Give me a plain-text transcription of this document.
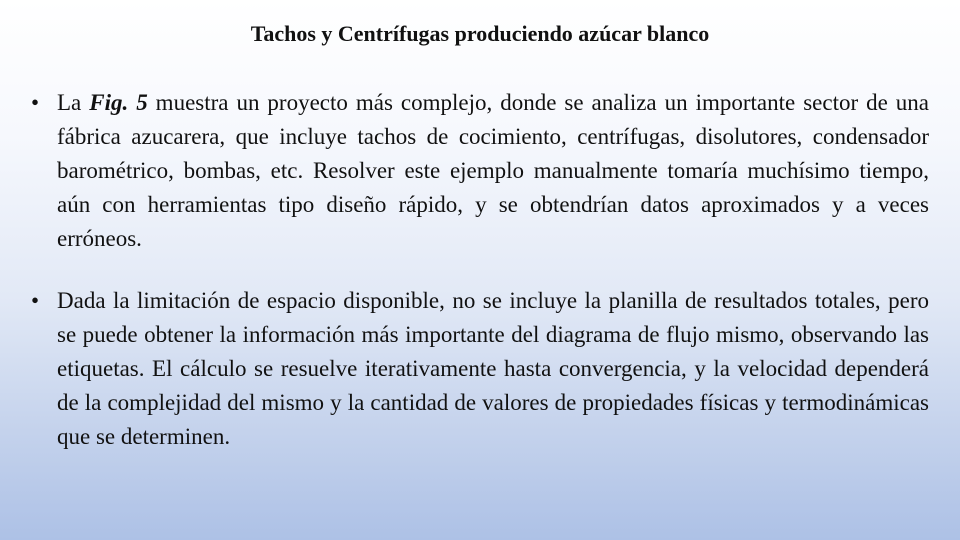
Tachos y Centrífugas produciendo azúcar blanco
• La Fig. 5 muestra un proyecto más complejo, donde se analiza un importante sector de una fábrica azucarera, que incluye tachos de cocimiento, centrífugas, disolutores, condensador barométrico, bombas, etc. Resolver este ejemplo manualmente tomaría muchísimo tiempo, aún con herramientas tipo diseño rápido, y se obtendrían datos aproximados y a veces erróneos.
• Dada la limitación de espacio disponible, no se incluye la planilla de resultados totales, pero se puede obtener la información más importante del diagrama de flujo mismo, observando las etiquetas. El cálculo se resuelve iterativamente hasta convergencia, y la velocidad dependerá de la complejidad del mismo y la cantidad de valores de propiedades físicas y termodinámicas que se determinen.
